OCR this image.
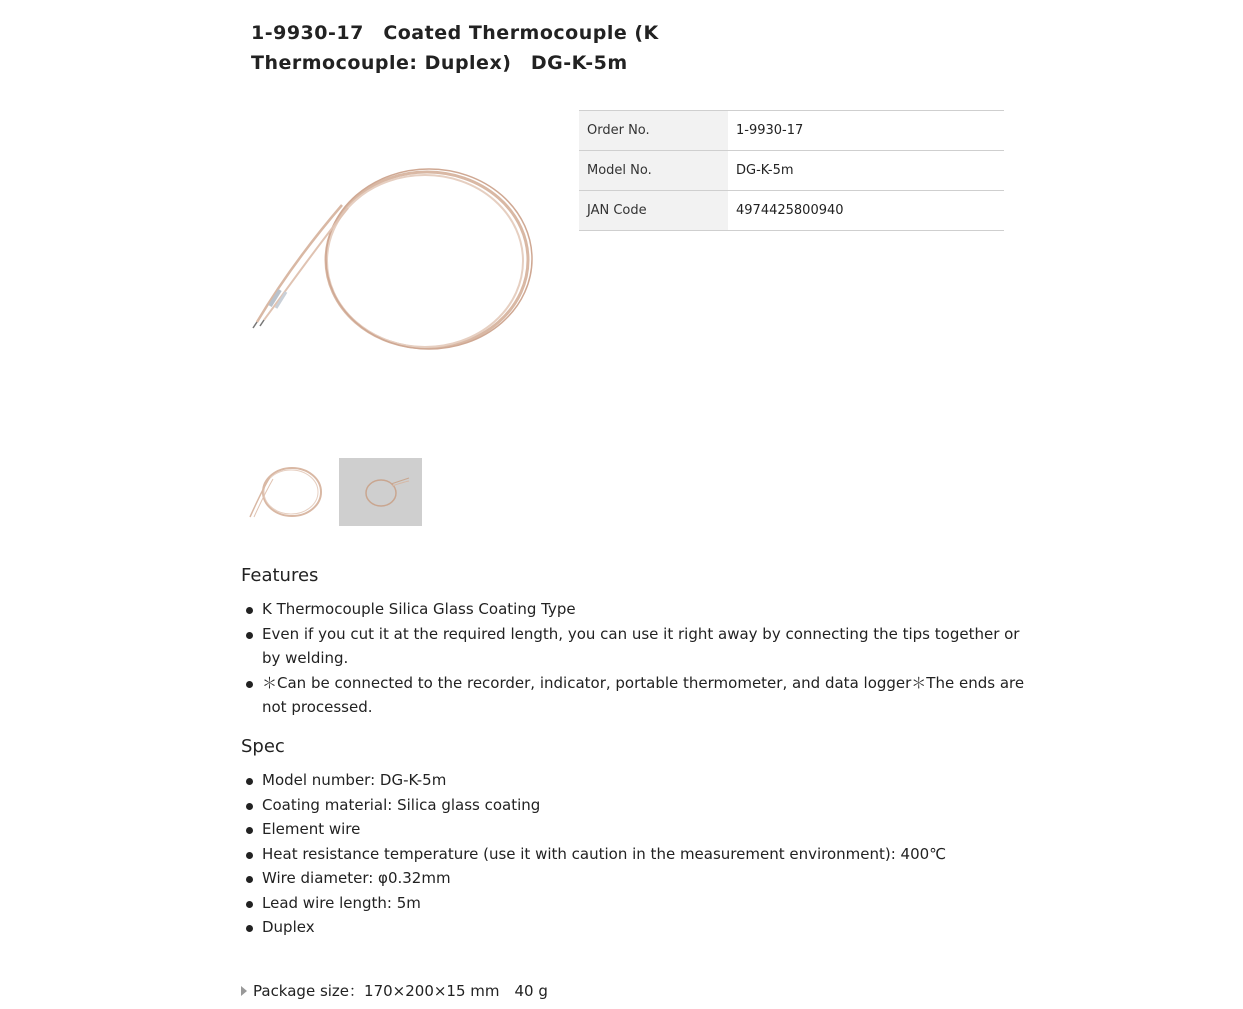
1-9930-17　Coated Thermocouple (K Thermocouple: Duplex)　DG-K-5m
Order No.	1-9930-17
Model No.	DG-K-5m
JAN Code	4974425800940
Features
K Thermocouple Silica Glass Coating Type
Even if you cut it at the required length, you can use it right away by connecting the tips together or by welding.
＊Can be connected to the recorder, indicator, portable thermometer, and data logger＊The ends are not processed.
Spec
Model number: DG-K-5m
Coating material: Silica glass coating
Element wire
Heat resistance temperature (use it with caution in the measurement environment): 400℃
Wire diameter: φ0.32mm
Lead wire length: 5m
Duplex
Package size：170×200×15 mm　40 g
